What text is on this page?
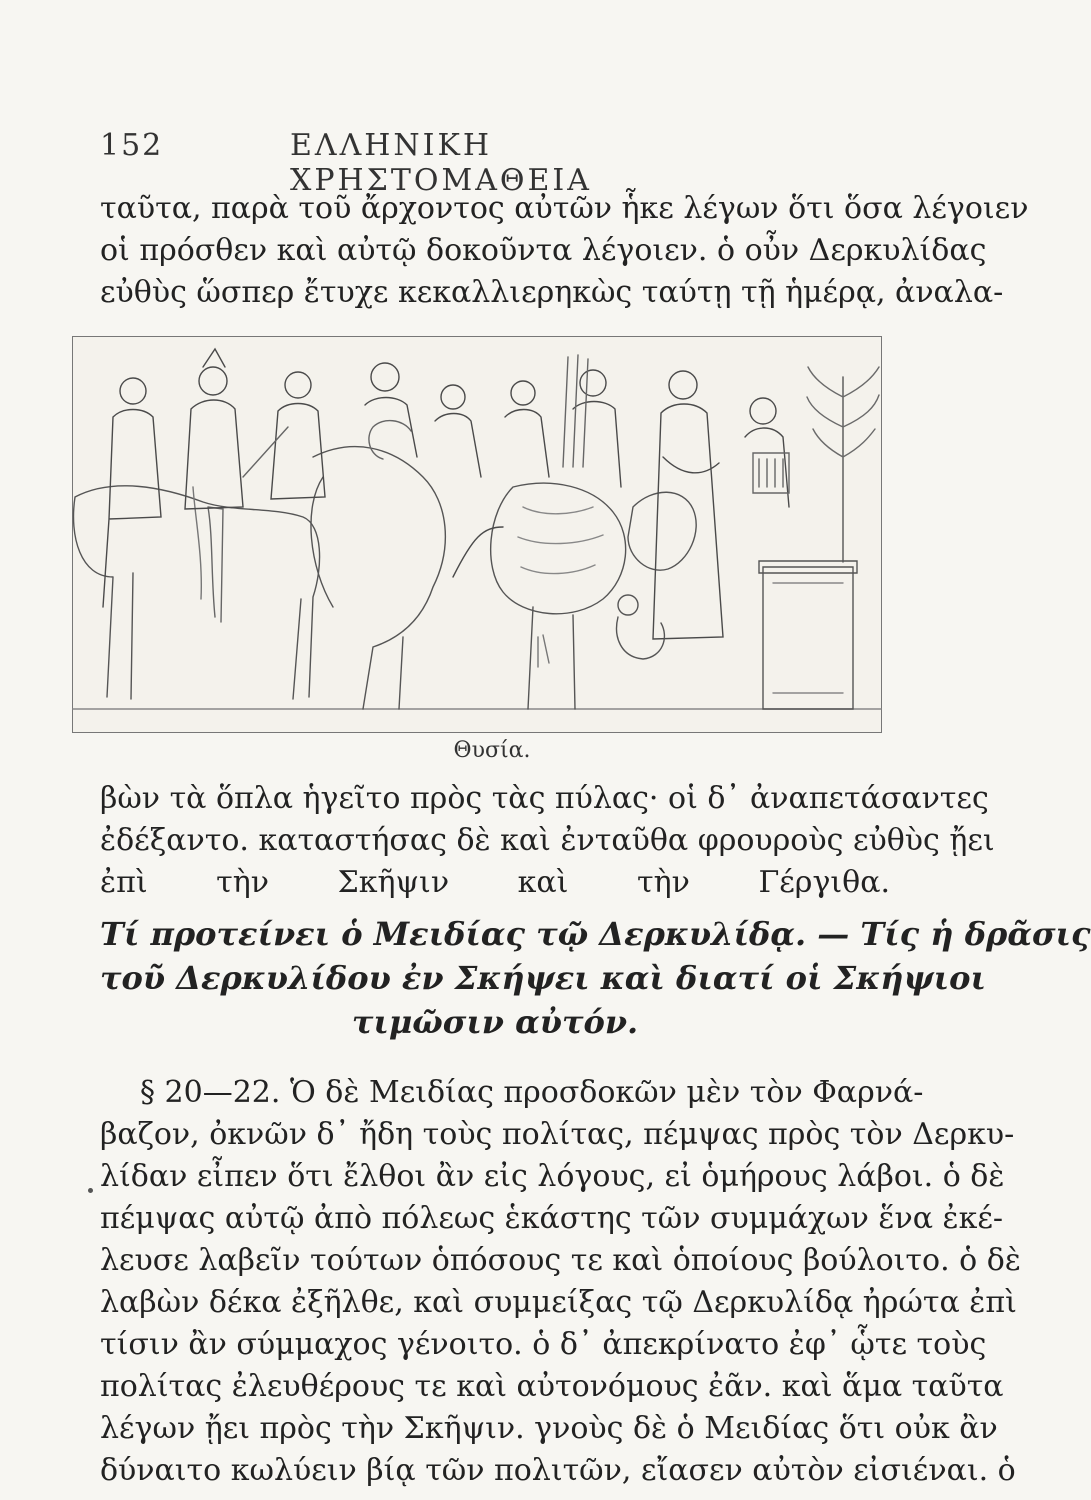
152	ΕΛΛΗΝΙΚΗ ΧΡΗΣΤΟΜΑΘΕΙΑ

ταῦτα, παρὰ τοῦ ἄρχοντος αὐτῶν ἧκε λέγων ὅτι ὅσα λέγοιεν
οἱ πρόσθεν καὶ αὐτῷ δοκοῦντα λέγοιεν. ὁ οὖν Δερκυλίδας
εὐθὺς ὥσπερ ἔτυχε κεκαλλιερηκὼς ταύτῃ τῇ ἡμέρᾳ, ἀναλα-

Θυσία.

βὼν τὰ ὅπλα ἡγεῖτο πρὸς τὰς πύλας· οἱ δ᾽ ἀναπετάσαντες
ἐδέξαντο. καταστήσας δὲ καὶ ἐνταῦθα φρουροὺς εὐθὺς ᾔει
ἐπὶ τὴν Σκῆψιν καὶ τὴν Γέργιθα.

Τί προτείνει ὁ Μειδίας τῷ Δερκυλίδᾳ. — Τίς ἡ δρᾶσις
τοῦ Δερκυλίδου ἐν Σκήψει καὶ διατί οἱ Σκήψιοι
τιμῶσιν αὐτόν.

§ 20—22. Ὁ δὲ Μειδίας προσδοκῶν μὲν τὸν Φαρνά-
βαζον, ὀκνῶν δ᾽ ἤδη τοὺς πολίτας, πέμψας πρὸς τὸν Δερκυ-
λίδαν εἶπεν ὅτι ἔλθοι ἂν εἰς λόγους, εἰ ὁμήρους λάβοι. ὁ δὲ
πέμψας αὐτῷ ἀπὸ πόλεως ἑκάστης τῶν συμμάχων ἕνα ἐκέ-
λευσε λαβεῖν τούτων ὁπόσους τε καὶ ὁποίους βούλοιτο. ὁ δὲ
λαβὼν δέκα ἐξῆλθε, καὶ συμμείξας τῷ Δερκυλίδᾳ ἠρώτα ἐπὶ
τίσιν ἂν σύμμαχος γένοιτο. ὁ δ᾽ ἀπεκρίνατο ἐφ᾽ ᾧτε τοὺς
πολίτας ἐλευθέρους τε καὶ αὐτονόμους ἐᾶν. καὶ ἅμα ταῦτα
λέγων ᾔει πρὸς τὴν Σκῆψιν. γνοὺς δὲ ὁ Μειδίας ὅτι οὐκ ἂν
δύναιτο κωλύειν βίᾳ τῶν πολιτῶν, εἴασεν αὐτὸν εἰσιέναι. ὁ
